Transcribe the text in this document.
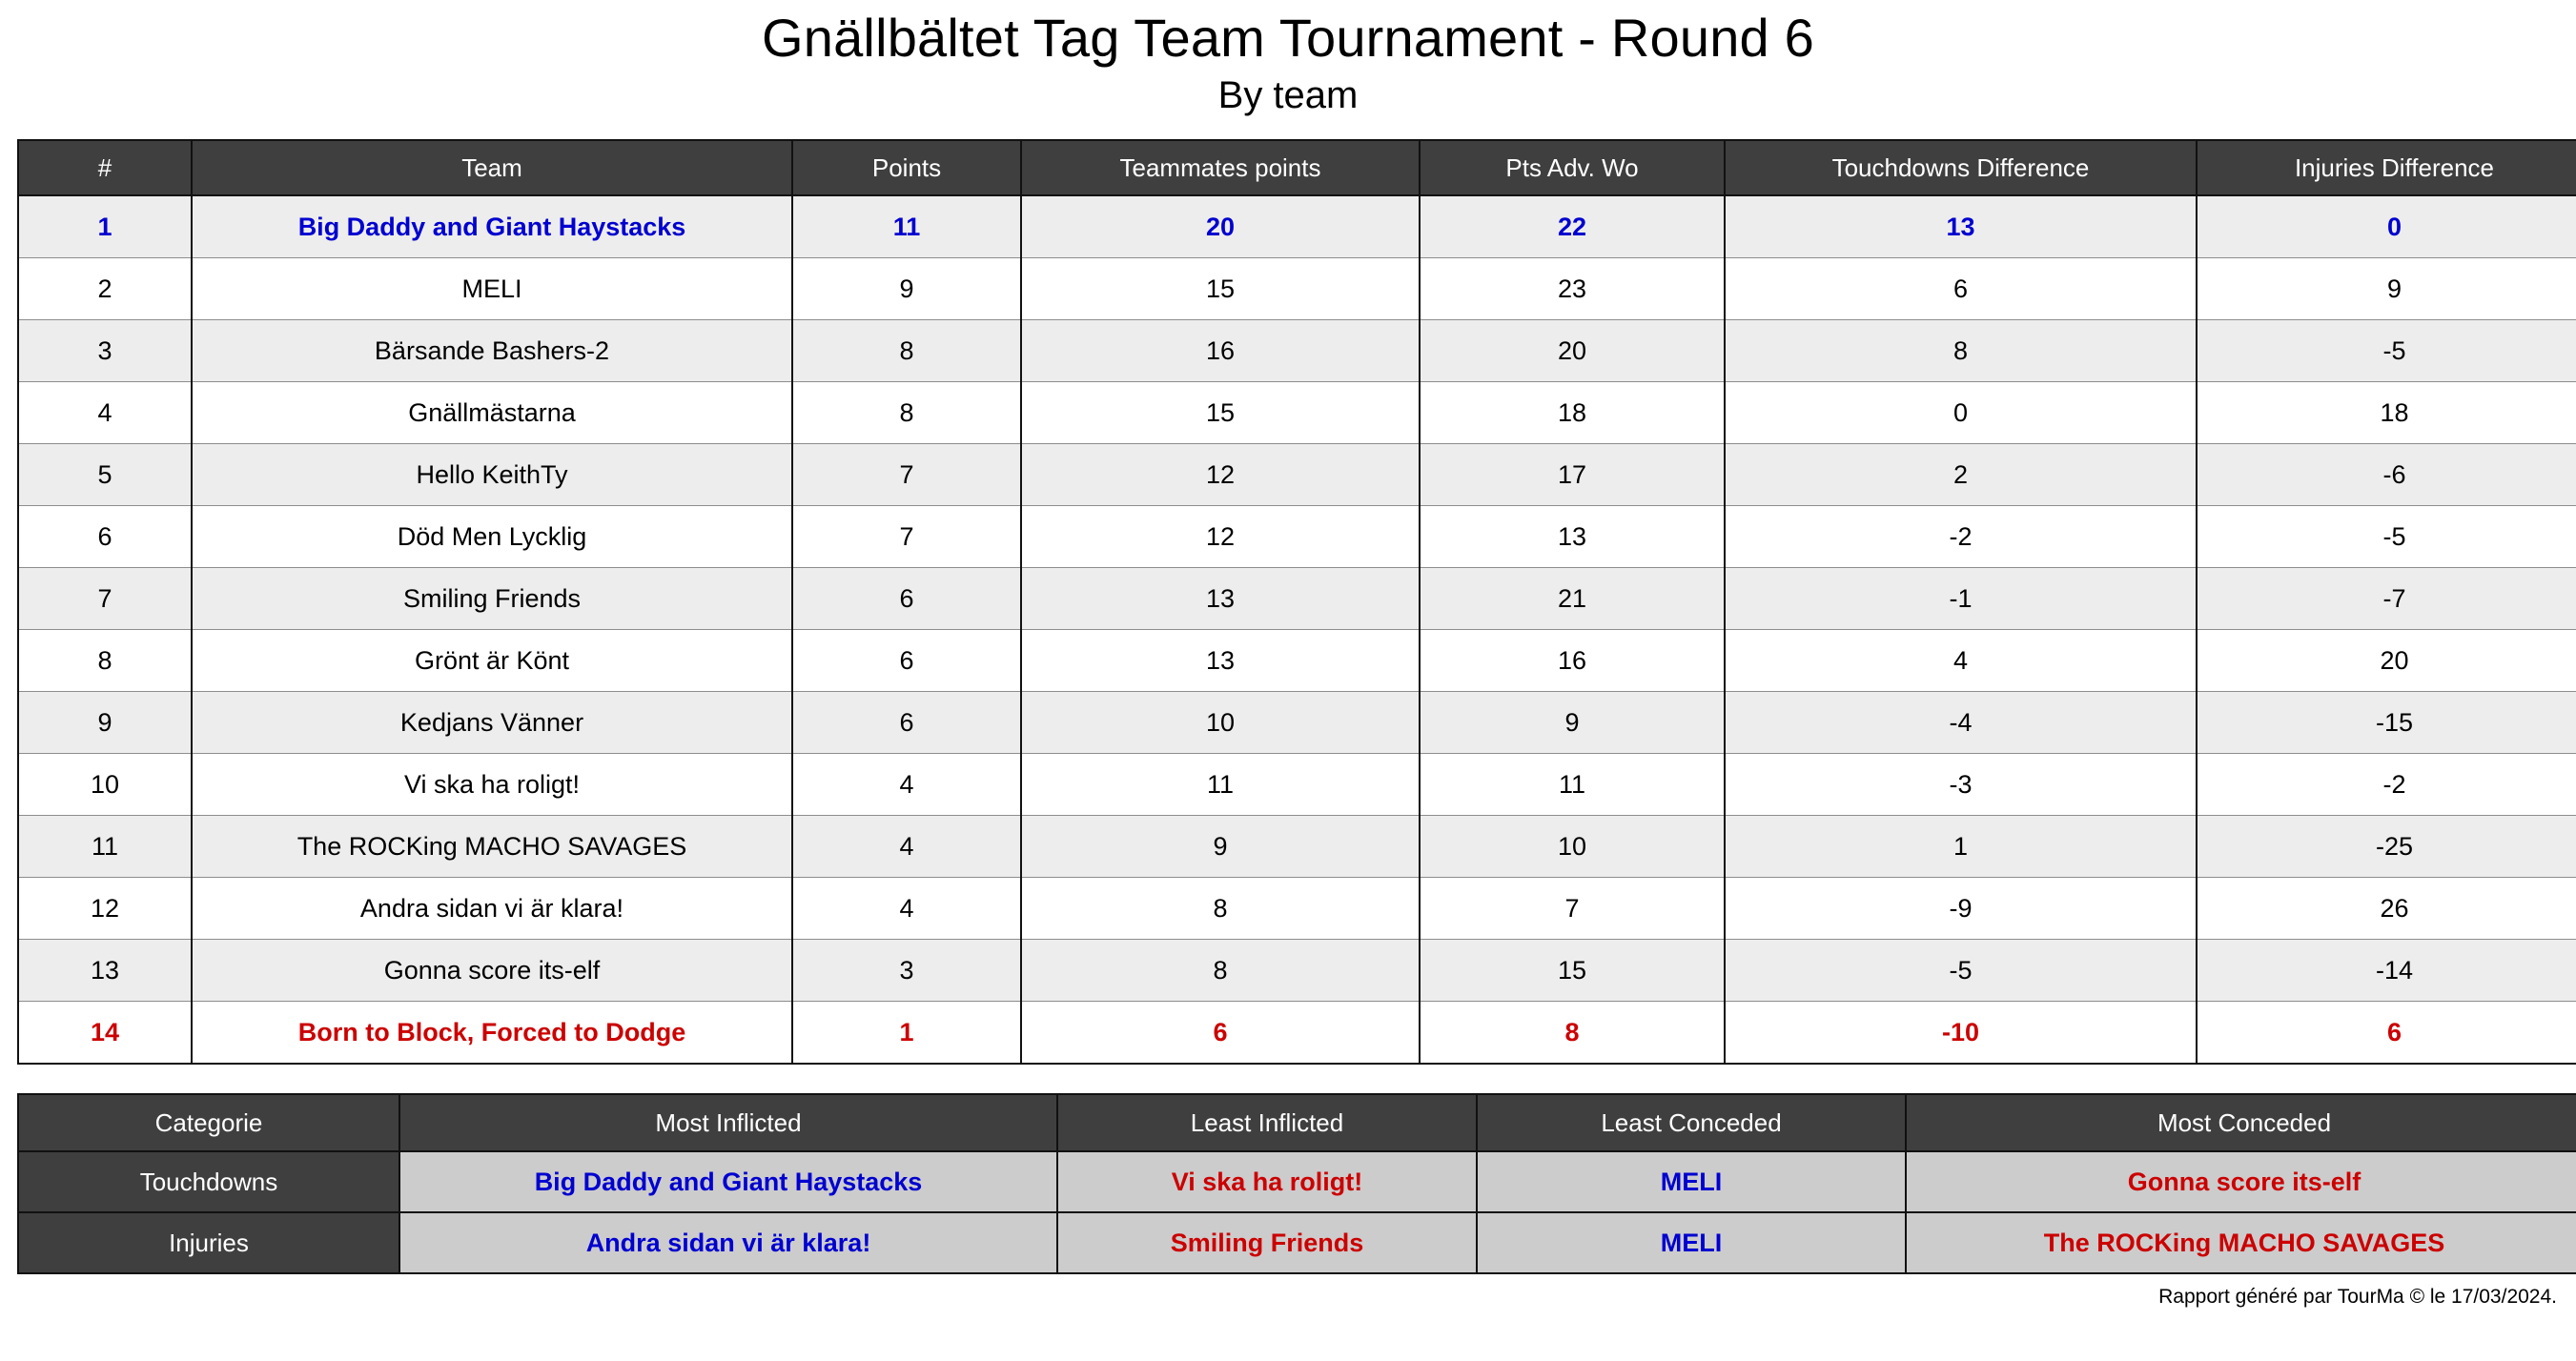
Gnällbältet Tag Team Tournament - Round 6
By team
#	Team	Points	Teammates points	Pts Adv. Wo	Touchdowns Difference	Injuries Difference
1	Big Daddy and Giant Haystacks	11	20	22	13	0
2	MELI	9	15	23	6	9
3	Bärsande Bashers-2	8	16	20	8	-5
4	Gnällmästarna	8	15	18	0	18
5	Hello KeithTy	7	12	17	2	-6
6	Död Men Lycklig	7	12	13	-2	-5
7	Smiling Friends	6	13	21	-1	-7
8	Grönt är Könt	6	13	16	4	20
9	Kedjans Vänner	6	10	9	-4	-15
10	Vi ska ha roligt!	4	11	11	-3	-2
11	The ROCKing MACHO SAVAGES	4	9	10	1	-25
12	Andra sidan vi är klara!	4	8	7	-9	26
13	Gonna score its-elf	3	8	15	-5	-14
14	Born to Block, Forced to Dodge	1	6	8	-10	6
Categorie	Most Inflicted	Least Inflicted	Least Conceded	Most Conceded
Touchdowns	Big Daddy and Giant Haystacks	Vi ska ha roligt!	MELI	Gonna score its-elf
Injuries	Andra sidan vi är klara!	Smiling Friends	MELI	The ROCKing MACHO SAVAGES
Rapport généré par TourMa © le 17/03/2024.
